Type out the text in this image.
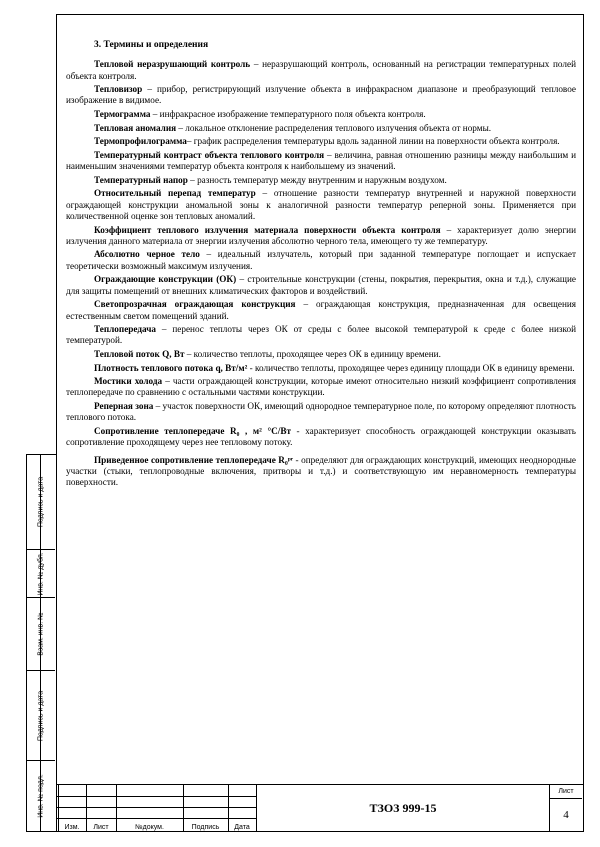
Подпись и дата
Инв. № дубл.
Взам. инв. №
Подпись и дата
Инв. № подл.
3. Термины и определения

Тепловой неразрушающий контроль – неразрушающий контроль, основанный на регистрации температурных полей объекта контроля.

Тепловизор – прибор, регистрирующий излучение объекта в инфракрасном диапазоне и преобразующий тепловое изображение в видимое.

Термограмма – инфракрасное изображение температурного поля объекта контроля.

Тепловая аномалия – локальное отклонение распределения теплового излучения объекта от нормы.

Термопрофилограмма– график распределения температуры вдоль заданной линии на поверхности объекта контроля.

Температурный контраст объекта теплового контроля – величина, равная отношению разницы между наибольшим и наименьшим значениями температур объекта контроля к наибольшему из значений.

Температурный напор – разность температур между внутренним и наружным воздухом.

Относительный перепад температур – отношение разности температур внутренней и наружной поверхности ограждающей конструкции аномальной зоны к аналогичной разности температур реперной зоны. Применяется при количественной оценке зон тепловых аномалий.

Коэффициент теплового излучения материала поверхности объекта контроля – характеризует долю энергии излучения данного материала от энергии излучения абсолютно черного тела, имеющего ту же температуру.

Абсолютно черное тело – идеальный излучатель, который при заданной температуре поглощает и испускает теоретически возможный максимум излучения.

Ограждающие конструкции (ОК) – строительные конструкции (стены, покрытия, перекрытия, окна и т.д.), служащие для защиты помещений от внешних климатических факторов и воздействий.

Светопрозрачная ограждающая конструкция – ограждающая конструкция, предназначенная для освещения естественным светом помещений зданий.

Теплопередача – перенос теплоты через ОК от среды с более высокой температурой к среде с более низкой температурой.

Тепловой поток Q, Вт – количество теплоты, проходящее через ОК в единицу времени.

Плотность теплового потока q, Вт/м² - количество теплоты, проходящее через единицу площади ОК в единицу времени.

Мостики холода – части ограждающей конструкции, которые имеют относительно низкий коэффициент сопротивления теплопередаче по сравнению с остальными частями конструкции.

Реперная зона – участок поверхности ОК, имеющий однородное температурное поле, по которому определяют плотность теплового потока.

Сопротивление теплопередаче R₀ , м² °С/Вт - характеризует способность ограждающей конструкции оказывать сопротивление проходящему через нее тепловому потоку.

Приведенное сопротивление теплопередаче R₀ᵖʳ - определяют для ограждающих конструкций, имеющих неоднородные участки (стыки, теплопроводные включения, притворы и т.д.) и соответствующую им неравномерность температуры поверхности.

Изм.	Лист	№докум.	Подпись	Дата
ТЗОЗ 999-15
Лист
4
